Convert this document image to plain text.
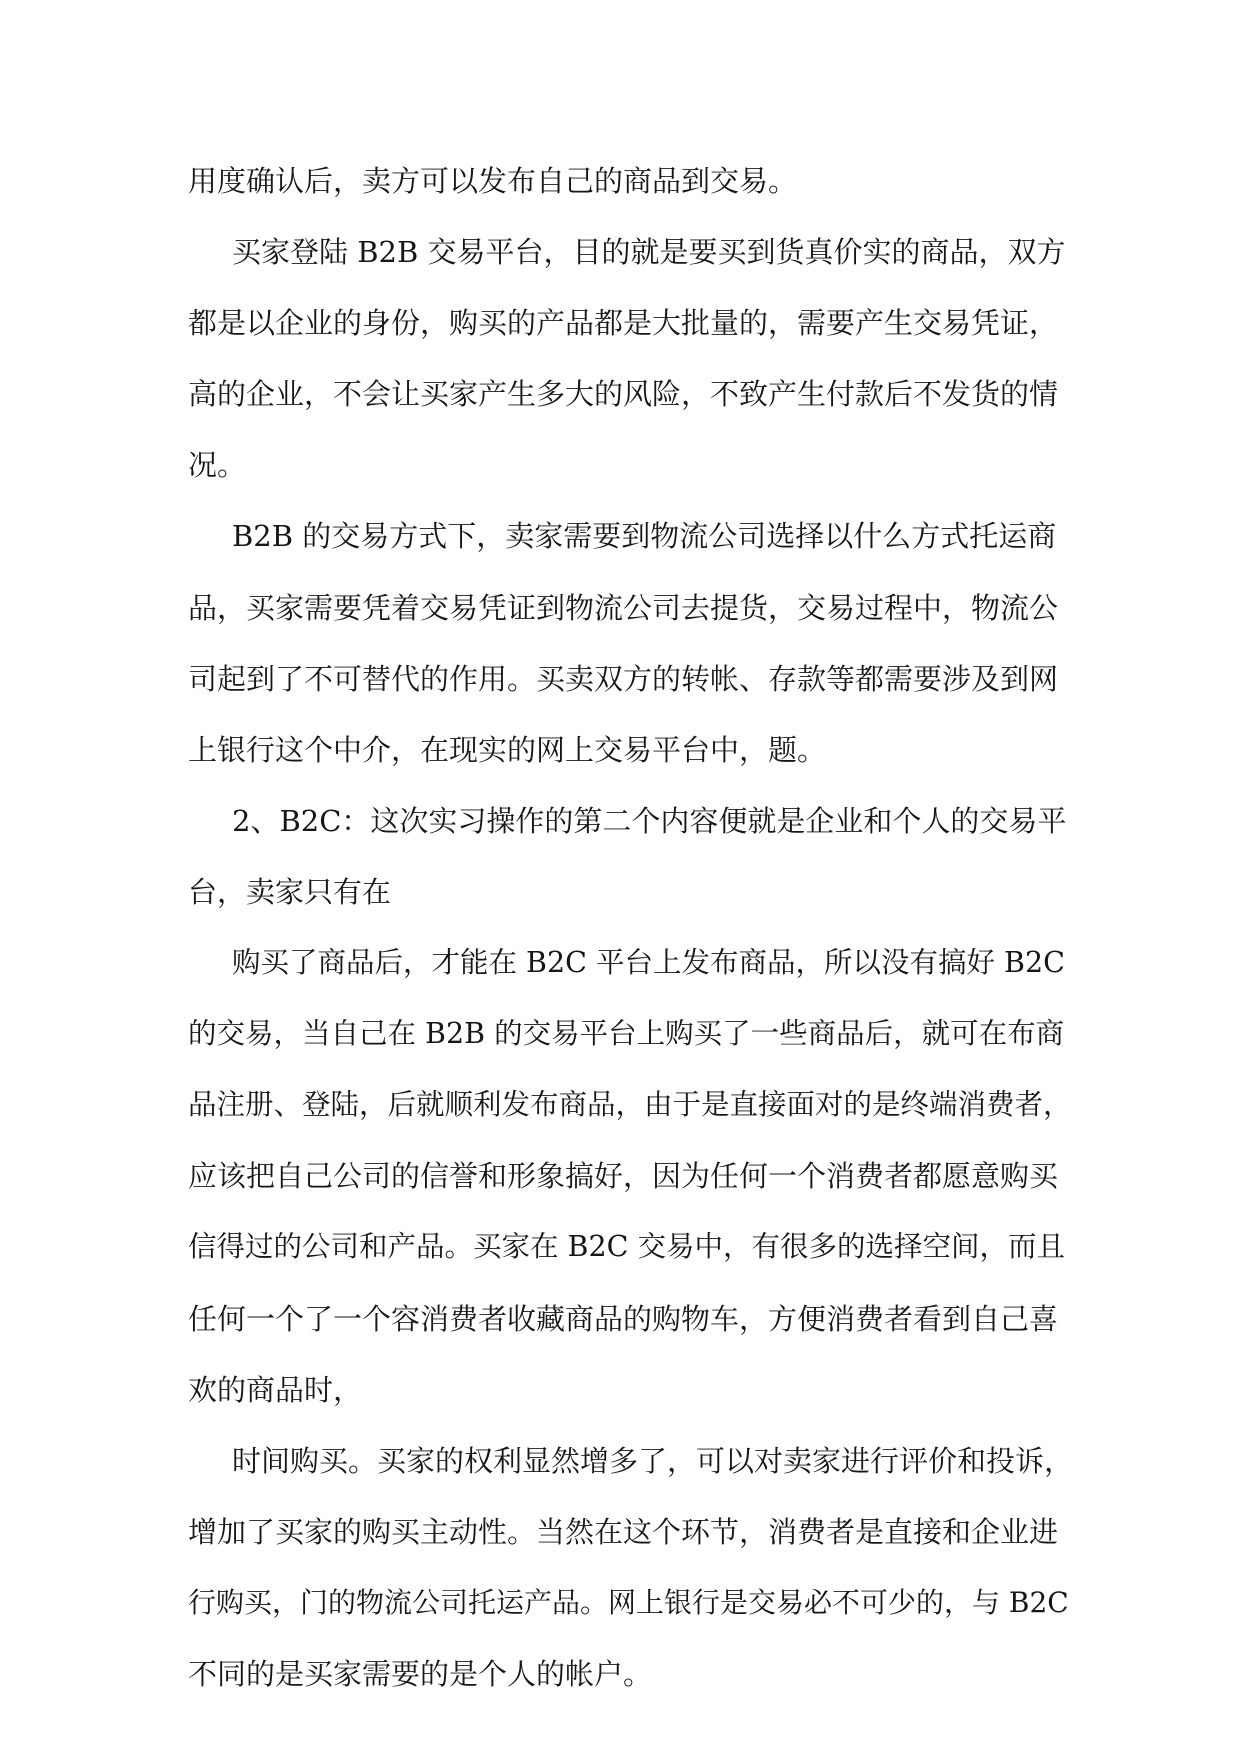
用度确认后，卖方可以发布自己的商品到交易。
买家登陆 B2B 交易平台，目的就是要买到货真价实的商品，双方
都是以企业的身份，购买的产品都是大批量的，需要产生交易凭证，
高的企业，不会让买家产生多大的风险，不致产生付款后不发货的情
况。
B2B 的交易方式下，卖家需要到物流公司选择以什么方式托运商
品，买家需要凭着交易凭证到物流公司去提货，交易过程中，物流公
司起到了不可替代的作用。买卖双方的转帐、存款等都需要涉及到网
上银行这个中介，在现实的网上交易平台中，题。
2、B2C：这次实习操作的第二个内容便就是企业和个人的交易平
台，卖家只有在
购买了商品后，才能在 B2C 平台上发布商品，所以没有搞好 B2C
的交易，当自己在 B2B 的交易平台上购买了一些商品后，就可在布商
品注册、登陆，后就顺利发布商品，由于是直接面对的是终端消费者，
应该把自己公司的信誉和形象搞好，因为任何一个消费者都愿意购买
信得过的公司和产品。买家在 B2C 交易中，有很多的选择空间，而且
任何一个了一个容消费者收藏商品的购物车，方便消费者看到自己喜
欢的商品时，
时间购买。买家的权利显然增多了，可以对卖家进行评价和投诉，
增加了买家的购买主动性。当然在这个环节，消费者是直接和企业进
行购买，门的物流公司托运产品。网上银行是交易必不可少的，与 B2C
不同的是买家需要的是个人的帐户。
